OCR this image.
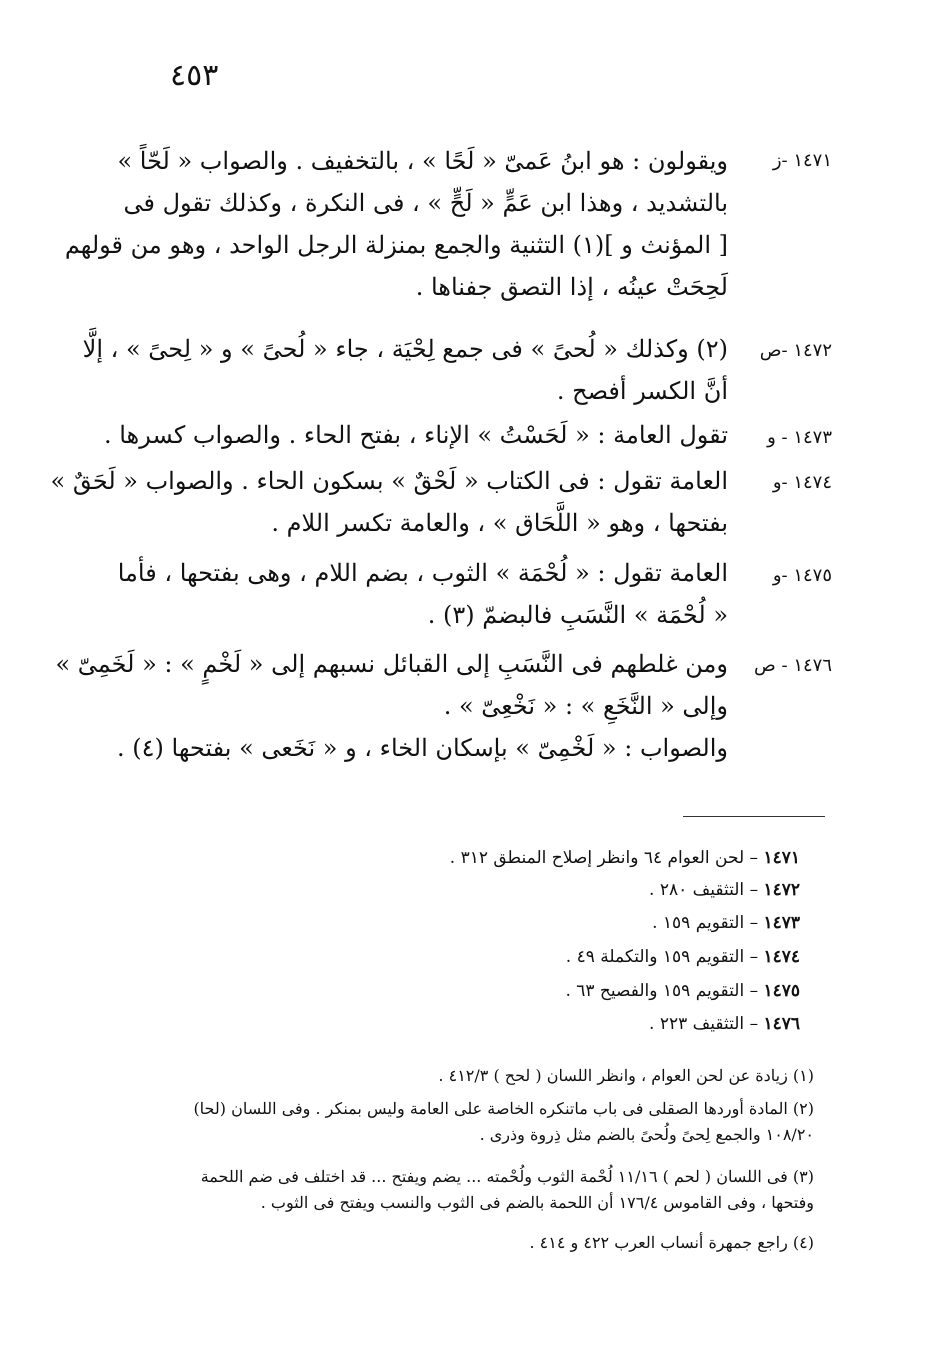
٤٥٣
١٤٧١ -ز
ويقولون : هو ابنُ عَمىّ « لَحًا » ، بالتخفيف . والصواب « لَحّاً »
بالتشديد ، وهذا ابن عَمٍّ « لَحٍّ » ، فى النكرة ، وكذلك تقول فى
[ المؤنث و ](١) التثنية والجمع بمنزلة الرجل الواحد ، وهو من قولهم
لَحِحَتْ عينُه ، إذا التصق جفناها .
١٤٧٢ -ص
(٢) وكذلك « لُحىً » فى جمع لِحْيَة ، جاء « لُحىً » و « لِحىً » ، إلَّا
أنَّ الكسر أفصح .
١٤٧٣ - و
تقول العامة : « لَحَسْتُ » الإناء ، بفتح الحاء . والصواب كسرها .
١٤٧٤ -و
العامة تقول : فى الكتاب « لَحْقٌ » بسكون الحاء . والصواب « لَحَقٌ »
بفتحها ، وهو « اللَّحَاق » ، والعامة تكسر اللام .
١٤٧٥ -و
العامة تقول : « لُحْمَة » الثوب ، بضم اللام ، وهى بفتحها ، فأما
« لُحْمَة » النَّسَبِ فالبضمّ (٣) .
١٤٧٦ - ص
ومن غلطهم فى النَّسَبِ إلى القبائل نسبهم إلى « لَخْمٍ » : « لَخَمِىّ »
وإلى « النَّخَعِ » : « نَخْعِىّ » .
والصواب : « لَخْمِىّ » بإسكان الخاء ، و « نَخَعى » بفتحها (٤) .
١٤٧١ – لحن العوام ٦٤ وانظر إصلاح المنطق ٣١٢ .
١٤٧٢ – التثقيف ٢٨٠ .
١٤٧٣ – التقويم ١٥٩ .
١٤٧٤ – التقويم ١٥٩ والتكملة ٤٩ .
١٤٧٥ – التقويم ١٥٩ والفصيح ٦٣ .
١٤٧٦ – التثقيف ٢٢٣ .
(١) زيادة عن لحن العوام ، وانظر اللسان ( لحح ) ٤١٢/٣ .
(٢) المادة أوردها الصقلى فى باب ماتنكره الخاصة على العامة وليس بمنكر . وفى اللسان (لحا)
١٠٨/٢٠ والجمع لِحىً ولُحىً بالضم مثل ذِروة وذرى .
(٣) فى اللسان ( لحم ) ١١/١٦ لُحْمة الثوب ولُحْمته ... يضم ويفتح ... قد اختلف فى ضم اللحمة
وفتحها ، وفى القاموس ١٧٦/٤ أن اللحمة بالضم فى الثوب والنسب ويفتح فى الثوب .
(٤) راجع جمهرة أنساب العرب ٤٢٢ و ٤١٤ .
